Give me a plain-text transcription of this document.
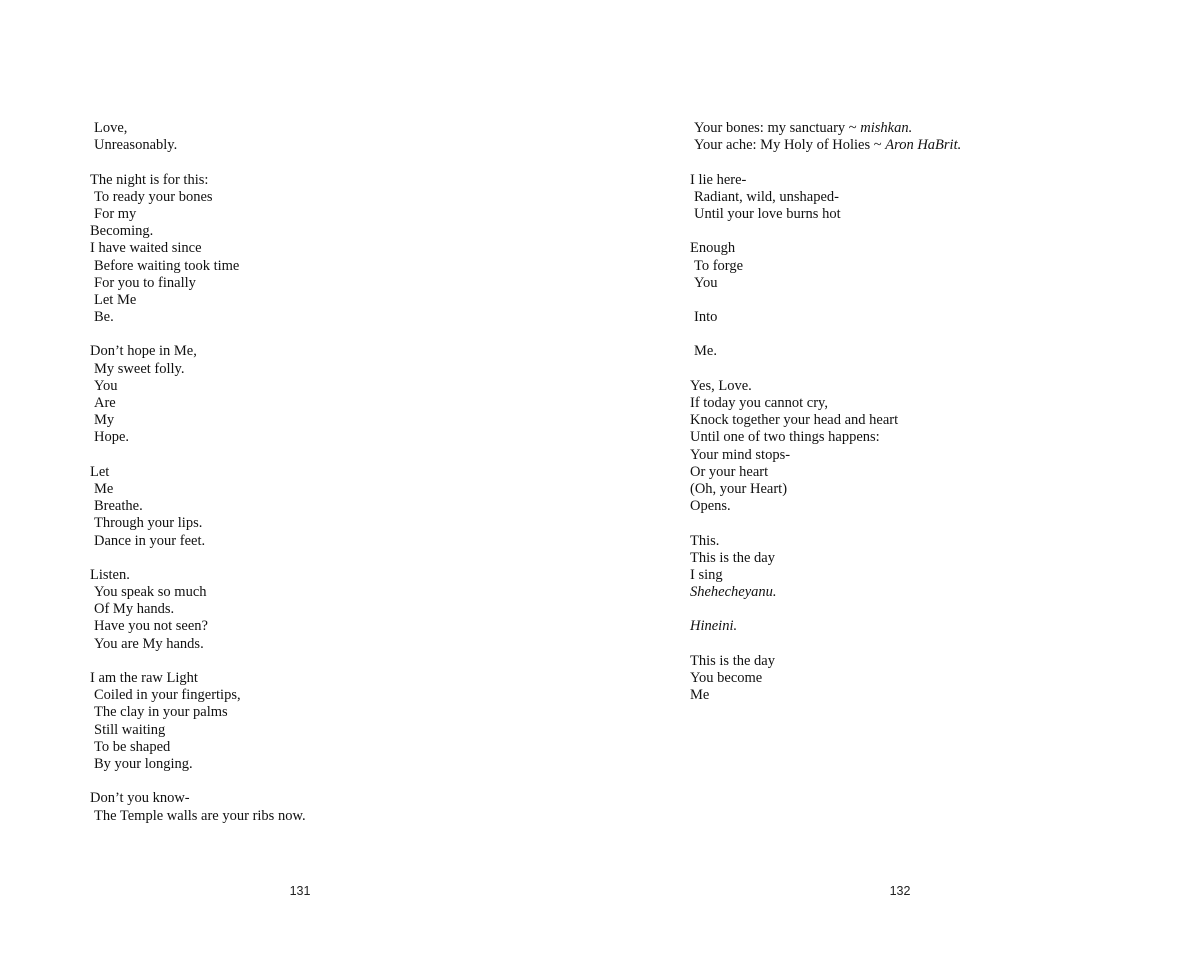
Love,
Unreasonably.
The night is for this:
To ready your bones
For my
Becoming.
I have waited since
Before waiting took time
For you to finally
Let Me
Be.
Don’t hope in Me,
My sweet folly.
You
Are
My
Hope.
Let
Me
Breathe.
Through your lips.
Dance in your feet.
Listen.
You speak so much
Of My hands.
Have you not seen?
You are My hands.
I am the raw Light
Coiled in your fingertips,
The clay in your palms
Still waiting
To be shaped
By your longing.
Don’t you know-
The Temple walls are your ribs now.
131
Your bones: my sanctuary ~ mishkan.
Your ache: My Holy of Holies ~ Aron HaBrit.
I lie here-
Radiant, wild, unshaped-
Until your love burns hot
Enough
To forge
You
Into
Me.
Yes, Love.
If today you cannot cry,
Knock together your head and heart
Until one of two things happens:
Your mind stops-
Or your heart
(Oh, your Heart)
Opens.
This.
This is the day
I sing
Shehecheyanu.
Hineini.
This is the day
You become
Me
132
